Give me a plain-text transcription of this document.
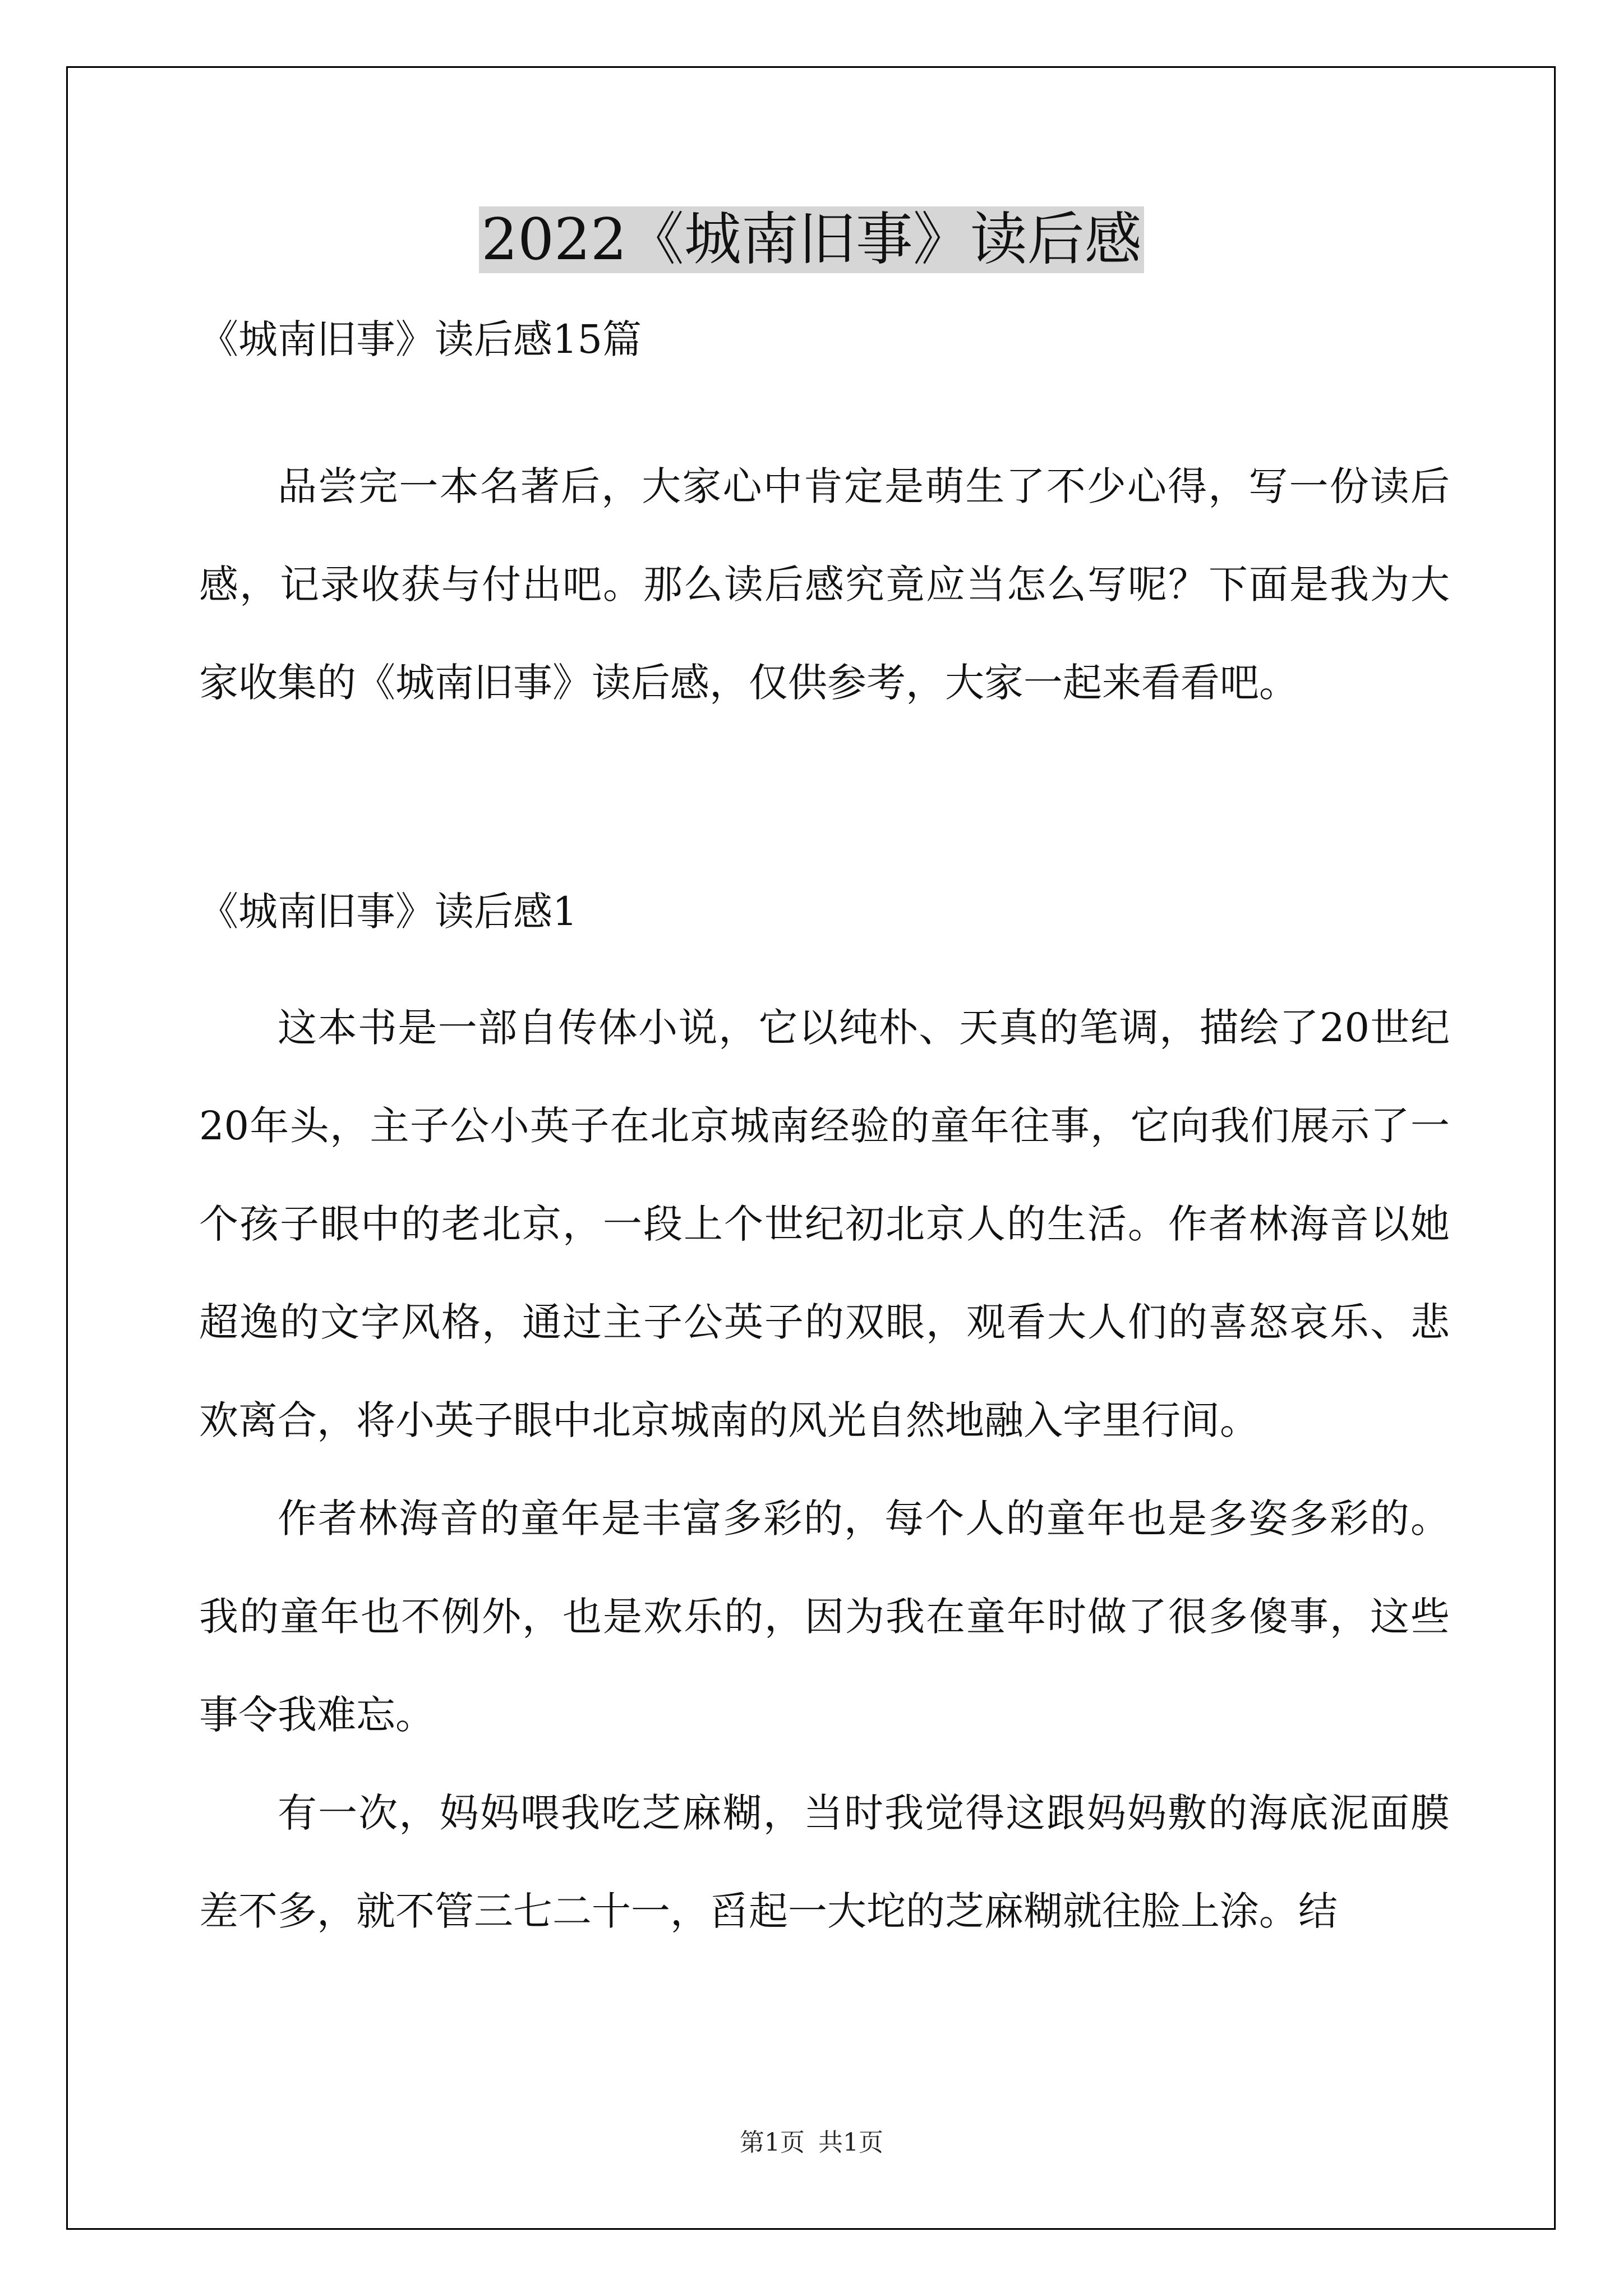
2022《城南旧事》读后感

《城南旧事》读后感15篇

品尝完一本名著后，大家心中肯定是萌生了不少心得，写一份读后感，记录收获与付出吧。那么读后感究竟应当怎么写呢？下面是我为大家收集的《城南旧事》读后感，仅供参考，大家一起来看看吧。

《城南旧事》读后感1

这本书是一部自传体小说，它以纯朴、天真的笔调，描绘了20世纪20年头，主子公小英子在北京城南经验的童年往事，它向我们展示了一个孩子眼中的老北京，一段上个世纪初北京人的生活。作者林海音以她超逸的文字风格，通过主子公英子的双眼，观看大人们的喜怒哀乐、悲欢离合，将小英子眼中北京城南的风光自然地融入字里行间。

作者林海音的童年是丰富多彩的，每个人的童年也是多姿多彩的。我的童年也不例外，也是欢乐的，因为我在童年时做了很多傻事，这些事令我难忘。

有一次，妈妈喂我吃芝麻糊，当时我觉得这跟妈妈敷的海底泥面膜差不多，就不管三七二十一，舀起一大坨的芝麻糊就往脸上涂。结

第1页 共1页
